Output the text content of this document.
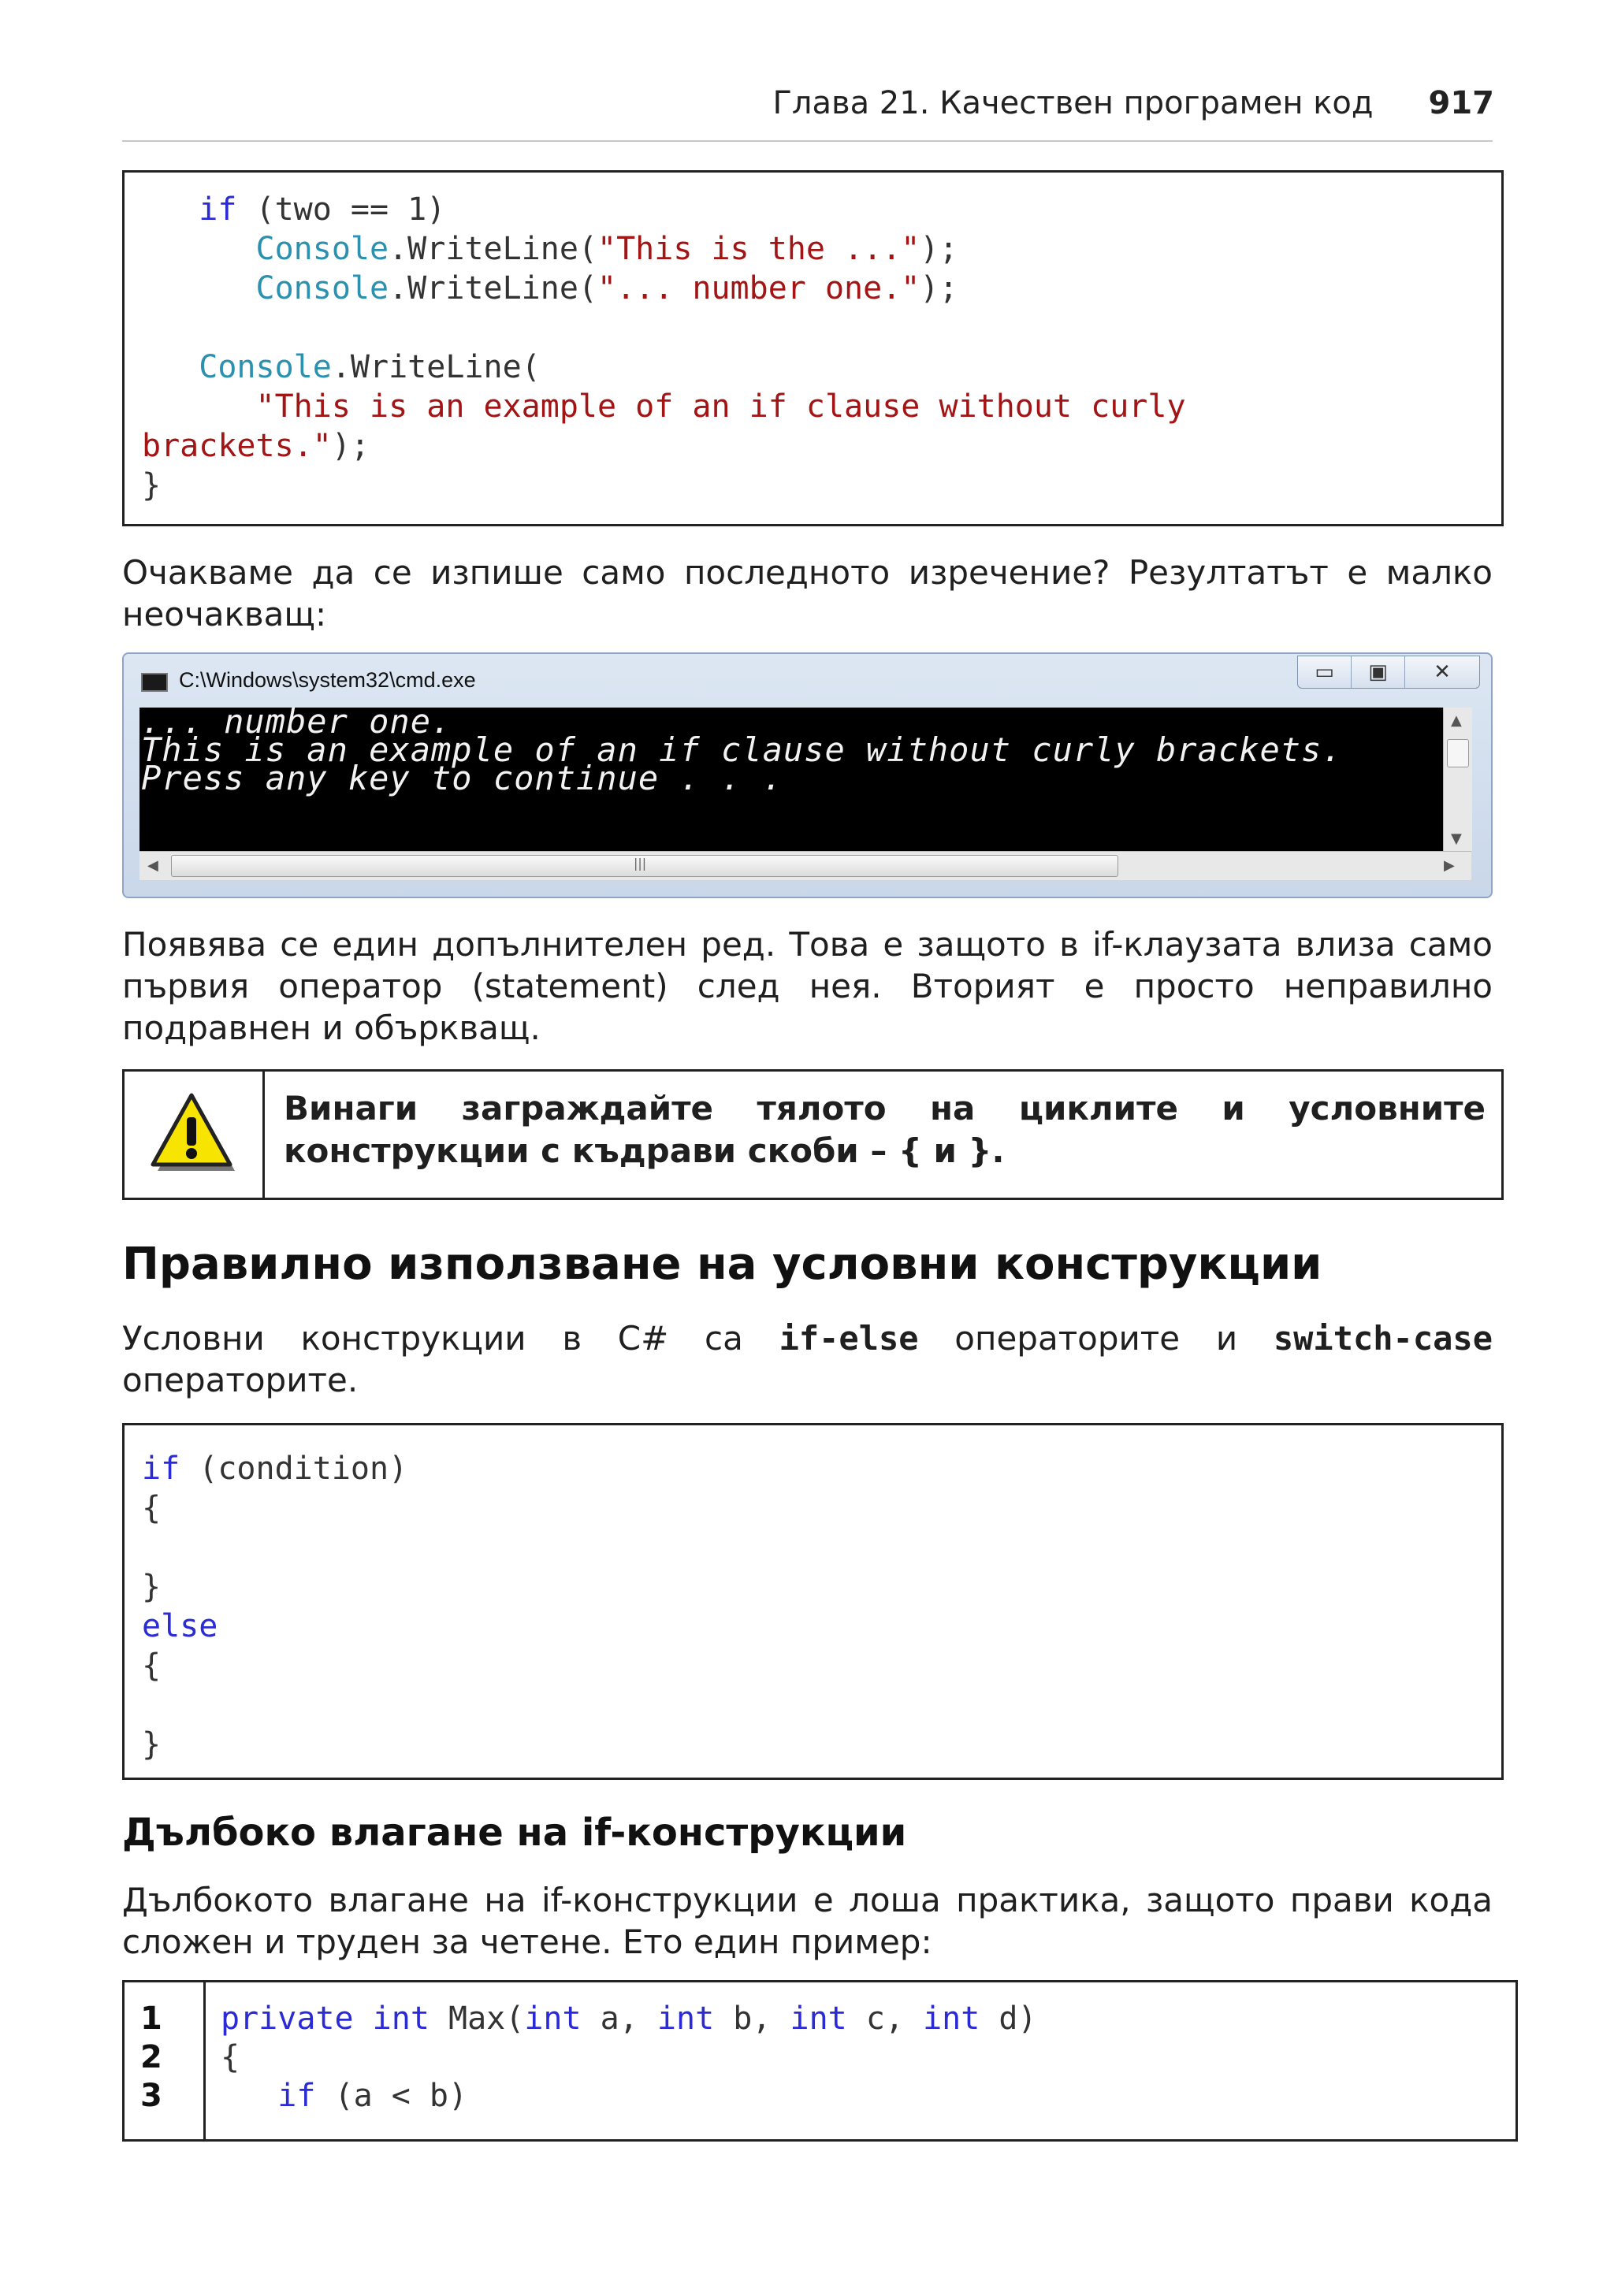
Глава 21. Качествен програмен код 917
if (two == 1)
Console.WriteLine("This is the ...");
Console.WriteLine("... number one.");

Console.WriteLine(
"This is an example of an if clause without curly
brackets.");
}
Очакваме да се изпише само последното изречение? Резултатът е малко неочакващ:
C:\Windows\system32\cmd.exe	▭	▣	✕
... number one.
This is an example of an if clause without curly brackets.
Press any key to continue . . .
▲
▼
◀	|||	▶
Появява се един допълнителен ред. Това е защото в if-клаузата влиза само първия оператор (statement) след нея. Вторият е просто неправилно подравнен и объркващ.
Винаги заграждайте тялото на циклите и условните конструкции с къдрави скоби – { и }.
Правилно използване на условни конструкции
Условни конструкции в C# са if-else операторите и switch-case операторите.
if (condition)
{

}
else
{

}
Дълбоко влагане на if-конструкции
Дълбокото влагане на if-конструкции е лоша практика, защото прави кода сложен и труден за четене. Ето един пример:
1
2
3
private int Max(int a, int b, int c, int d)
{
if (a < b)
